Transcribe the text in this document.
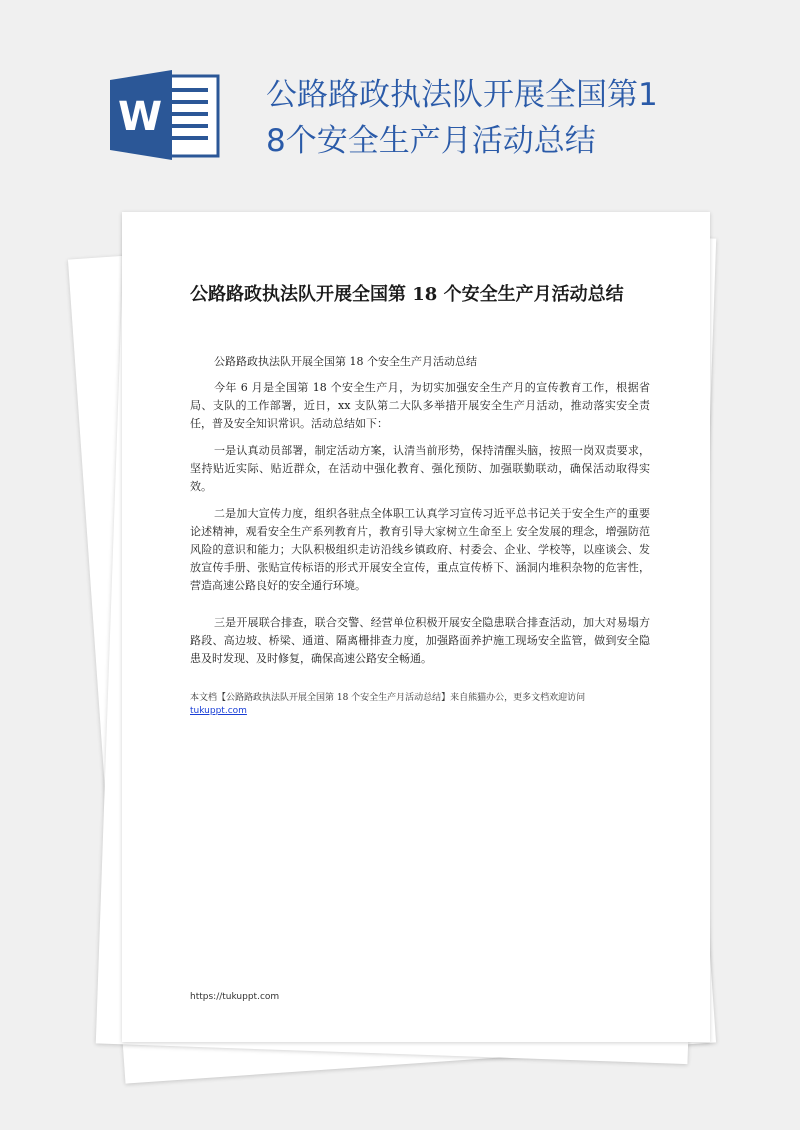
W	公路路政执法队开展全国第18个安全生产月活动总结
公路路政执法队开展全国第 18 个安全生产月活动总结
公路路政执法队开展全国第 18 个安全生产月活动总结
今年 6 月是全国第 18 个安全生产月，为切实加强安全生产月的宣传教育工作，根据省局、支队的工作部署，近日，xx 支队第二大队多举措开展安全生产月活动，推动落实安全责任，普及安全知识常识。活动总结如下：
一是认真动员部署，制定活动方案，认清当前形势，保持清醒头脑，按照一岗双责要求，坚持贴近实际、贴近群众，在活动中强化教育、强化预防、加强联勤联动，确保活动取得实效。
二是加大宣传力度，组织各驻点全体职工认真学习宣传习近平总书记关于安全生产的重要论述精神，观看安全生产系列教育片，教育引导大家树立生命至上 安全发展的理念，增强防范风险的意识和能力；大队积极组织走访沿线乡镇政府、村委会、企业、学校等，以座谈会、发放宣传手册、张贴宣传标语的形式开展安全宣传，重点宣传桥下、涵洞内堆积杂物的危害性，营造高速公路良好的安全通行环境。
三是开展联合排查，联合交警、经营单位积极开展安全隐患联合排查活动，加大对易塌方路段、高边坡、桥梁、通道、隔离栅排查力度，加强路面养护施工现场安全监管，做到安全隐患及时发现、及时修复，确保高速公路安全畅通。
本文档【公路路政执法队开展全国第 18 个安全生产月活动总结】来自熊猫办公，更多文档欢迎访问
tukuppt.com
https://tukuppt.com
